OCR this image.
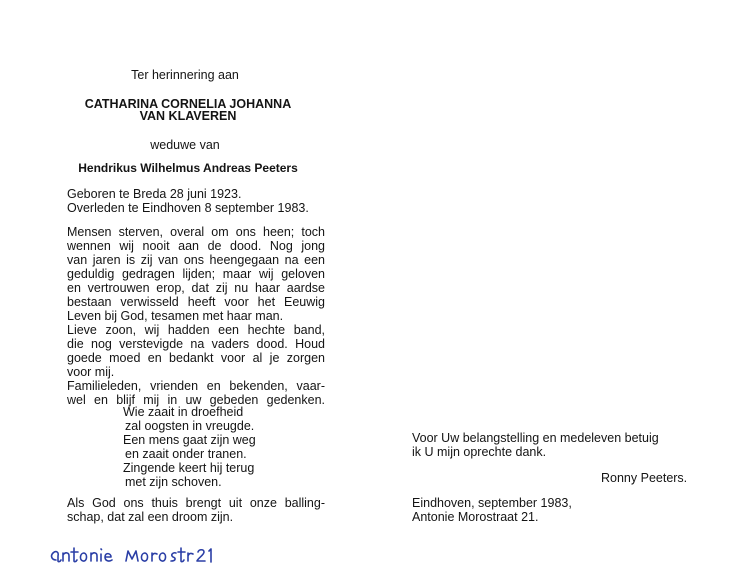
Ter herinnering aan
CATHARINA CORNELIA JOHANNA
VAN KLAVEREN
weduwe van
Hendrikus Wilhelmus Andreas Peeters
Geboren te Breda 28 juni 1923.
Overleden te Eindhoven 8 september 1983.
Mensen sterven, overal om ons heen; toch
wennen wij nooit aan de dood. Nog jong
van jaren is zij van ons heengegaan na een
geduldig gedragen lijden; maar wij geloven
en vertrouwen erop, dat zij nu haar aardse
bestaan verwisseld heeft voor het Eeuwig
Leven bij God, tesamen met haar man.
Lieve zoon, wij hadden een hechte band,
die nog verstevigde na vaders dood. Houd
goede moed en bedankt voor al je zorgen
voor mij.
Familieleden, vrienden en bekenden, vaar-
wel en blijf mij in uw gebeden gedenken.
Wie zaait in droefheid
zal oogsten in vreugde.
Een mens gaat zijn weg
en zaait onder tranen.
Zingende keert hij terug
met zijn schoven.
Als God ons thuis brengt uit onze balling-
schap, dat zal een droom zijn.
Voor Uw belangstelling en medeleven betuig
ik U mijn oprechte dank.
Ronny Peeters.
Eindhoven, september 1983,
Antonie Morostraat 21.
